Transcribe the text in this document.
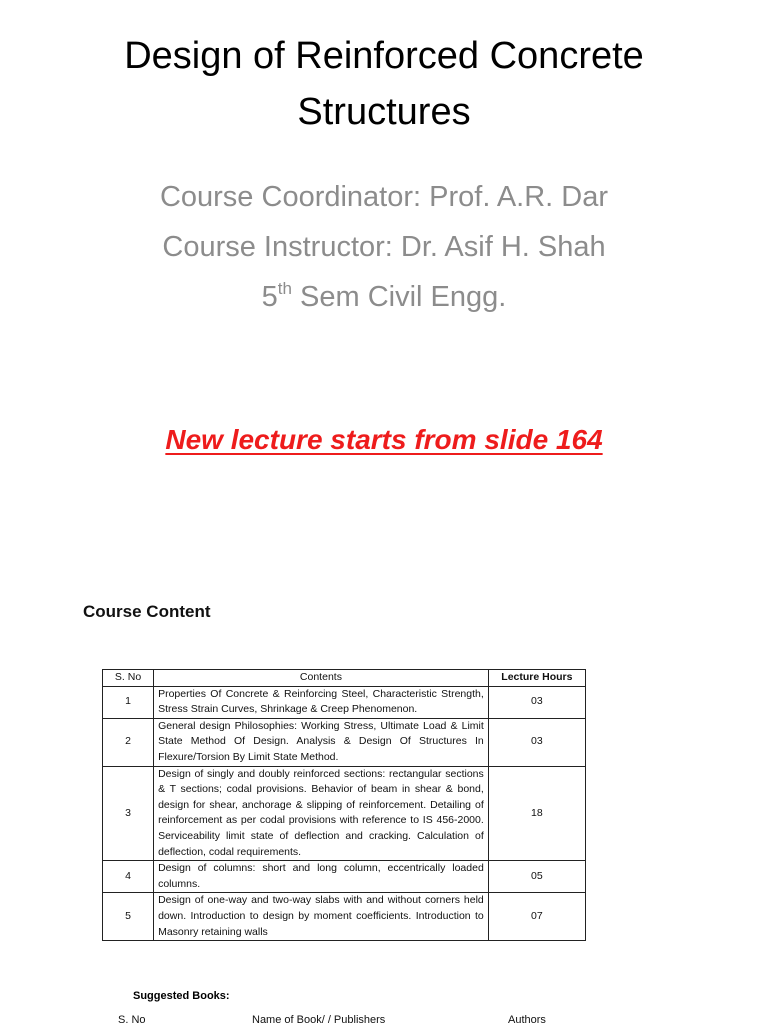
Design of Reinforced Concrete
Structures
Course Coordinator: Prof. A.R. Dar
Course Instructor: Dr. Asif H. Shah
5th Sem Civil Engg.
New lecture starts from slide 164
Course Content
S. No	Contents	Lecture Hours
1	Properties Of Concrete & Reinforcing Steel, Characteristic Strength, Stress Strain Curves, Shrinkage & Creep Phenomenon.	03
2	General design Philosophies: Working Stress, Ultimate Load & Limit State Method Of Design. Analysis & Design Of Structures In Flexure/Torsion By Limit State Method.	03
3	Design of singly and doubly reinforced sections: rectangular sections & T sections; codal provisions. Behavior of beam in shear & bond, design for shear, anchorage & slipping of reinforcement. Detailing of reinforcement as per codal provisions with reference to IS 456-2000. Serviceability limit state of deflection and cracking. Calculation of deflection, codal requirements.	18
4	Design of columns: short and long column, eccentrically loaded columns.	05
5	Design of one-way and two-way slabs with and without corners held down. Introduction to design by moment coefficients. Introduction to Masonry retaining walls	07
Suggested Books:
S. No	Name of Book/ / Publishers	Authors
